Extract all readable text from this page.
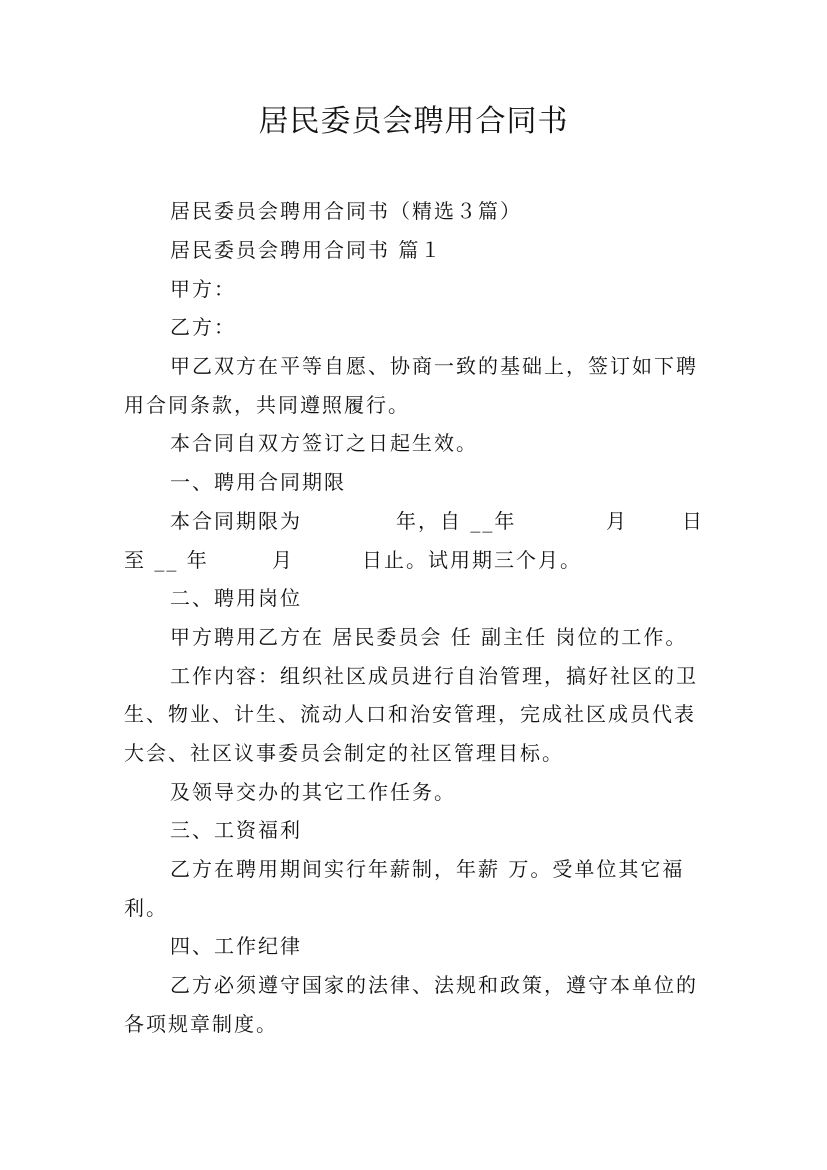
居民委员会聘用合同书
居民委员会聘用合同书（精选３篇）
居民委员会聘用合同书 篇１
甲方：
乙方：
甲乙双方在平等自愿、协商一致的基础上，签订如下聘
用合同条款，共同遵照履行。
本合同自双方签订之日起生效。
一、聘用合同期限
本合同期限为	年，自 __年	月	日
至 __ 年	月	日止。试用期三个月。
二、聘用岗位
甲方聘用乙方在 居民委员会 任 副主任 岗位的工作。
工作内容：组织社区成员进行自治管理，搞好社区的卫
生、物业、计生、流动人口和治安管理，完成社区成员代表
大会、社区议事委员会制定的社区管理目标。
及领导交办的其它工作任务。
三、工资福利
乙方在聘用期间实行年薪制，年薪 万。受单位其它福
利。
四、工作纪律
乙方必须遵守国家的法律、法规和政策，遵守本单位的
各项规章制度。
